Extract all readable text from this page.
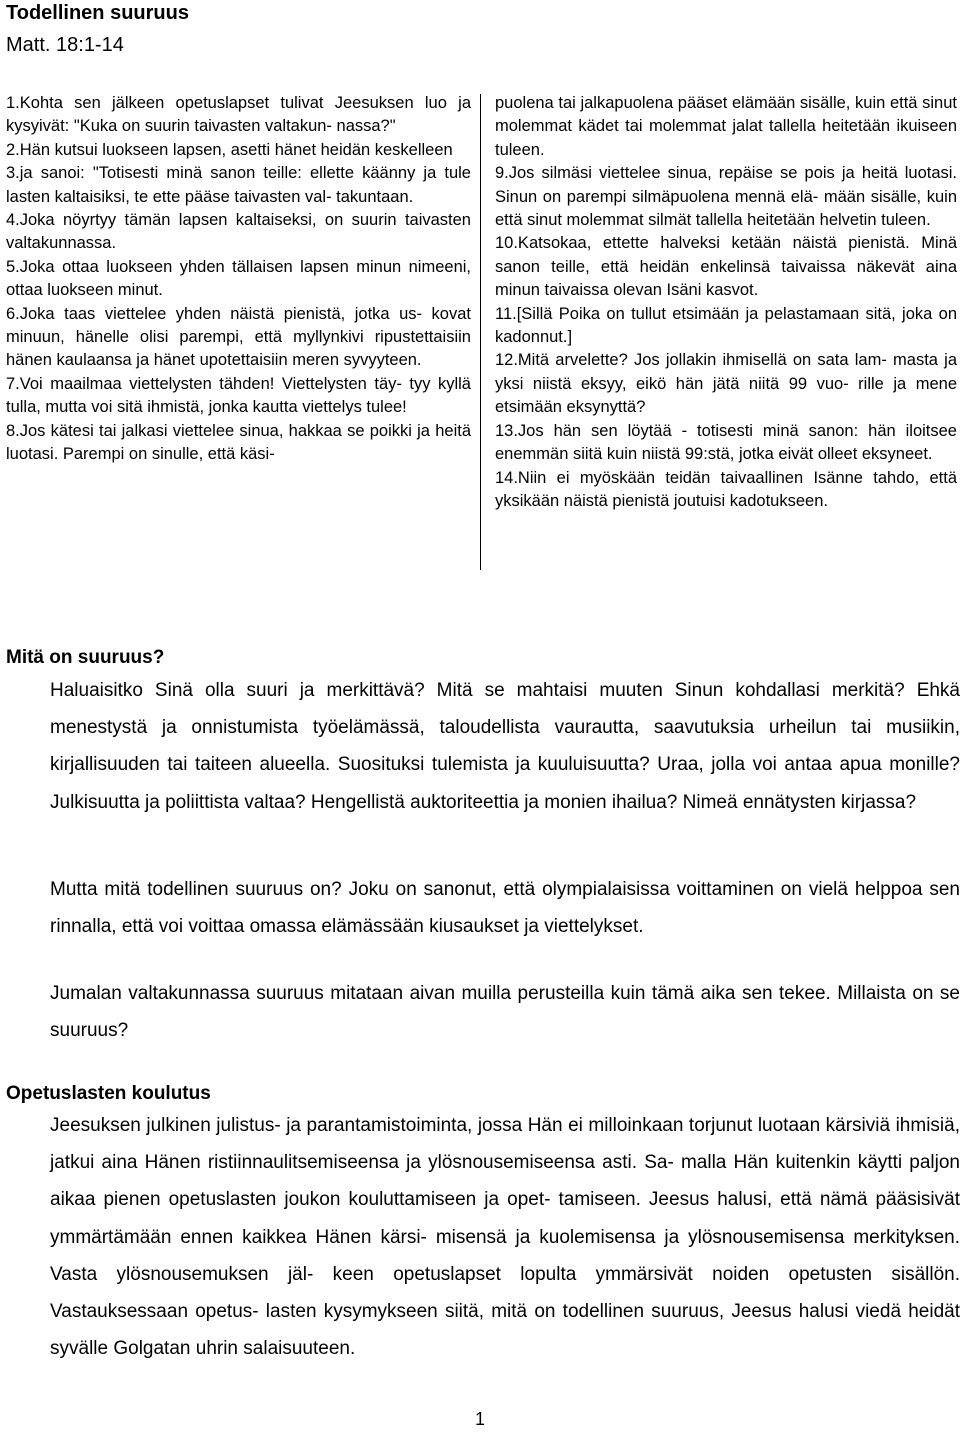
Todellinen suuruus
Matt. 18:1-14

1.Kohta sen jälkeen opetuslapset tulivat Jeesuksen luo ja kysyivät: "Kuka on suurin taivasten valtakun- nassa?"

2.Hän kutsui luokseen lapsen, asetti hänet heidän keskelleen

3.ja sanoi: "Totisesti minä sanon teille: ellette käänny ja tule lasten kaltaisiksi, te ette pääse taivasten val- takuntaan.

4.Joka nöyrtyy tämän lapsen kaltaiseksi, on suurin taivasten valtakunnassa.

5.Joka ottaa luokseen yhden tällaisen lapsen minun nimeeni, ottaa luokseen minut.

6.Joka taas viettelee yhden näistä pienistä, jotka us- kovat minuun, hänelle olisi parempi, että myllynkivi ripustettaisiin hänen kaulaansa ja hänet upotettaisiin meren syvyyteen.

7.Voi maailmaa viettelysten tähden! Viettelysten täy- tyy kyllä tulla, mutta voi sitä ihmistä, jonka kautta viettelys tulee!

8.Jos kätesi tai jalkasi viettelee sinua, hakkaa se poikki ja heitä luotasi. Parempi on sinulle, että käsi-

puolena tai jalkapuolena pääset elämään sisälle, kuin että sinut molemmat kädet tai molemmat jalat tallella heitetään ikuiseen tuleen.

9.Jos silmäsi viettelee sinua, repäise se pois ja heitä luotasi. Sinun on parempi silmäpuolena mennä elä- mään sisälle, kuin että sinut molemmat silmät tallella heitetään helvetin tuleen.

10.Katsokaa, ettette halveksi ketään näistä pienistä. Minä sanon teille, että heidän enkelinsä taivaissa näkevät aina minun taivaissa olevan Isäni kasvot.

11.[Sillä Poika on tullut etsimään ja pelastamaan sitä, joka on kadonnut.]

12.Mitä arvelette? Jos jollakin ihmisellä on sata lam- masta ja yksi niistä eksyy, eikö hän jätä niitä 99 vuo- rille ja mene etsimään eksynyttä?

13.Jos hän sen löytää - totisesti minä sanon: hän iloitsee enemmän siitä kuin niistä 99:stä, jotka eivät olleet eksyneet.

14.Niin ei myöskään teidän taivaallinen Isänne tahdo, että yksikään näistä pienistä joutuisi kadotukseen.

Mitä on suuruus?

Haluaisitko Sinä olla suuri ja merkittävä? Mitä se mahtaisi muuten Sinun kohdallasi merkitä? Ehkä menestystä ja onnistumista työelämässä, taloudellista vaurautta, saavutuksia urheilun tai musiikin, kirjallisuuden tai taiteen alueella. Suosituksi tulemista ja kuuluisuutta? Uraa, jolla voi antaa apua monille? Julkisuutta ja poliittista valtaa? Hengellistä auktoriteettia ja monien ihailua? Nimeä ennätysten kirjassa?

Mutta mitä todellinen suuruus on? Joku on sanonut, että olympialaisissa voittaminen on vielä helppoa sen rinnalla, että voi voittaa omassa elämässään kiusaukset ja viettelykset.

Jumalan valtakunnassa suuruus mitataan aivan muilla perusteilla kuin tämä aika sen tekee. Millaista on se suuruus?

Opetuslasten koulutus

Jeesuksen julkinen julistus- ja parantamistoiminta, jossa Hän ei milloinkaan torjunut luotaan kärsiviä ihmisiä, jatkui aina Hänen ristiinnaulitsemiseensa ja ylösnousemiseensa asti. Sa- malla Hän kuitenkin käytti paljon aikaa pienen opetuslasten joukon kouluttamiseen ja opet- tamiseen. Jeesus halusi, että nämä pääsisivät ymmärtämään ennen kaikkea Hänen kärsi- misensä ja kuolemisensa ja ylösnousemisensa merkityksen. Vasta ylösnousemuksen jäl- keen opetuslapset lopulta ymmärsivät noiden opetusten sisällön. Vastauksessaan opetus- lasten kysymykseen siitä, mitä on todellinen suuruus, Jeesus halusi viedä heidät syvälle Golgatan uhrin salaisuuteen.

1
